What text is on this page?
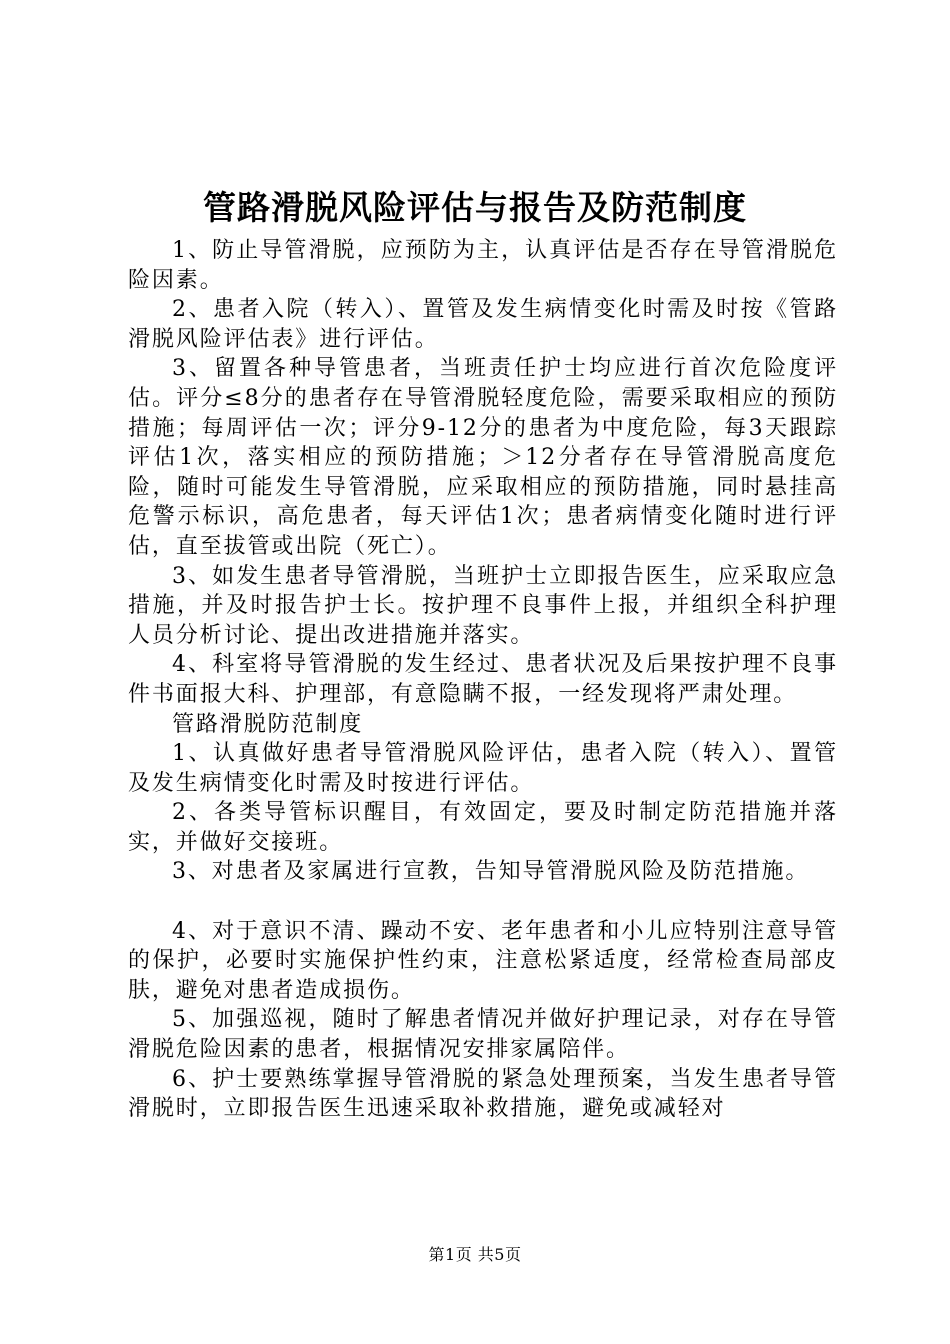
管路滑脱风险评估与报告及防范制度

1、防止导管滑脱，应预防为主，认真评估是否存在导管滑脱危险因素。

2、患者入院（转入）、置管及发生病情变化时需及时按《管路滑脱风险评估表》进行评估。

3、留置各种导管患者，当班责任护士均应进行首次危险度评估。评分≤8分的患者存在导管滑脱轻度危险，需要采取相应的预防措施；每周评估一次；评分9-12分的患者为中度危险，每3天跟踪评估1次，落实相应的预防措施；＞12分者存在导管滑脱高度危险，随时可能发生导管滑脱，应采取相应的预防措施，同时悬挂高危警示标识，高危患者，每天评估1次；患者病情变化随时进行评估，直至拔管或出院（死亡）。

3、如发生患者导管滑脱，当班护士立即报告医生，应采取应急措施，并及时报告护士长。按护理不良事件上报，并组织全科护理人员分析讨论、提出改进措施并落实。

4、科室将导管滑脱的发生经过、患者状况及后果按护理不良事件书面报大科、护理部，有意隐瞒不报，一经发现将严肃处理。

管路滑脱防范制度

1、认真做好患者导管滑脱风险评估，患者入院（转入）、置管及发生病情变化时需及时按进行评估。

2、各类导管标识醒目，有效固定，要及时制定防范措施并落实，并做好交接班。

3、对患者及家属进行宣教，告知导管滑脱风险及防范措施。

4、对于意识不清、躁动不安、老年患者和小儿应特别注意导管的保护，必要时实施保护性约束，注意松紧适度，经常检查局部皮肤，避免对患者造成损伤。

5、加强巡视，随时了解患者情况并做好护理记录，对存在导管滑脱危险因素的患者，根据情况安排家属陪伴。

6、护士要熟练掌握导管滑脱的紧急处理预案，当发生患者导管滑脱时，立即报告医生迅速采取补救措施，避免或减轻对

第1页 共5页
